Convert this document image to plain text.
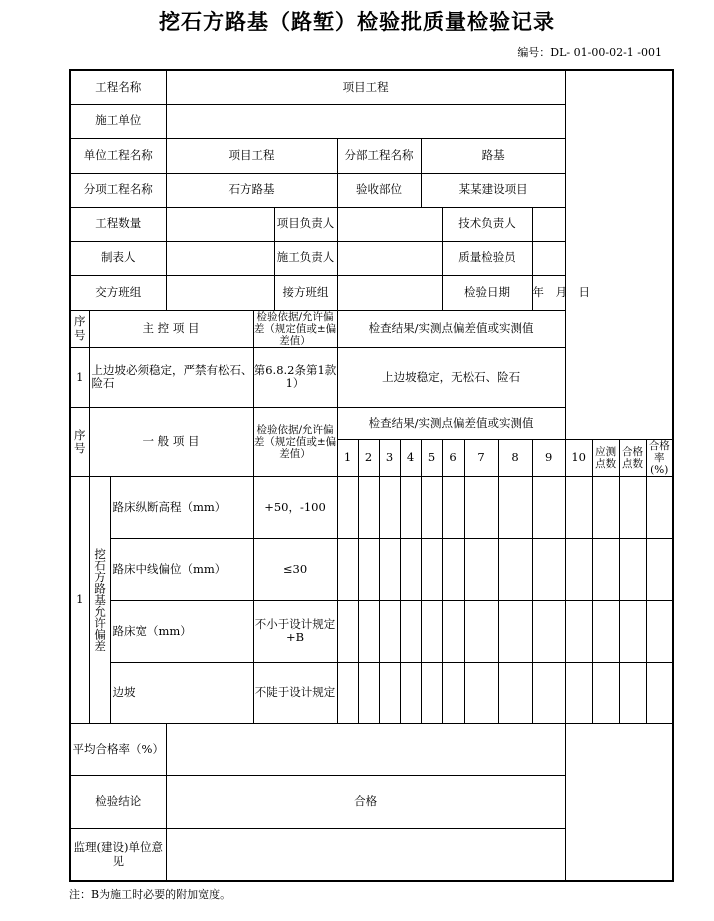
挖石方路基（路堑）检验批质量检验记录
编号：DL- 01-00-02-1 -001
工程名称			项目工程															
施工单位																		
单位工程名称			项目工程			分部工程名称				路基								
分项工程名称			石方路基			验收部位				某某建设项目								
工程数量					项目负责人						技术负责人							
制表人					施工负责人						质量检验员							
交方班组					接方班组						检验日期			年　月　日				
序号	主 控 项 目			检验依据/允许偏差（规定值或±偏差值）		检查结果/实测点偏差值或实测值												
1	上边坡必须稳定，严禁有松石、险石			第6.8.2条第1款1）		上边坡稳定，无松石、险石												
序号	一 般 项 目			检验依据/允许偏差（规定值或±偏差值）		检查结果/实测点偏差值或实测值												
						1	2	3	4	5	6	7	8	9	10	应测点数	合格点数	合格率(%)
1	挖石方路基允许偏差	路床纵断高程（mm）		+50，-100														
		路床中线偏位（mm）		≤30														
		路床宽（mm）		不小于设计规定+B														
		边坡		不陡于设计规定														
平均合格率（%）																		
检验结论			合格															
监理(建设)单位意见																		
注：B为施工时必要的附加宽度。
